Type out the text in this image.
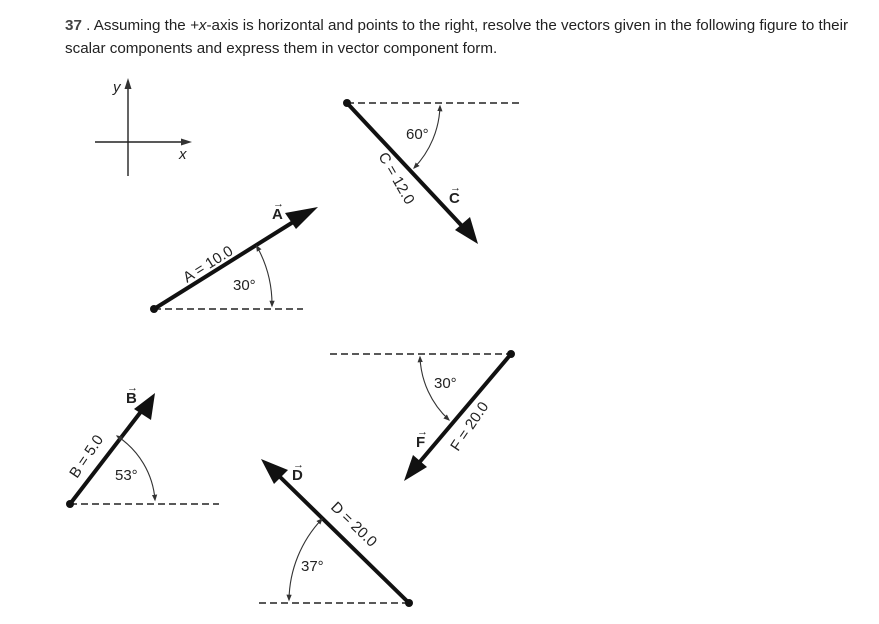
37 . Assuming the +x-axis is horizontal and points to the right, resolve the vectors given in the following figure to their scalar components and express them in vector component form.

y
x
30°
A = 10.0
A
→
60°
C = 12.0 C
→
53°
B = 5.0
B
→	30°
F = 20.0
F
→
37°
D = 20.0
D
→
